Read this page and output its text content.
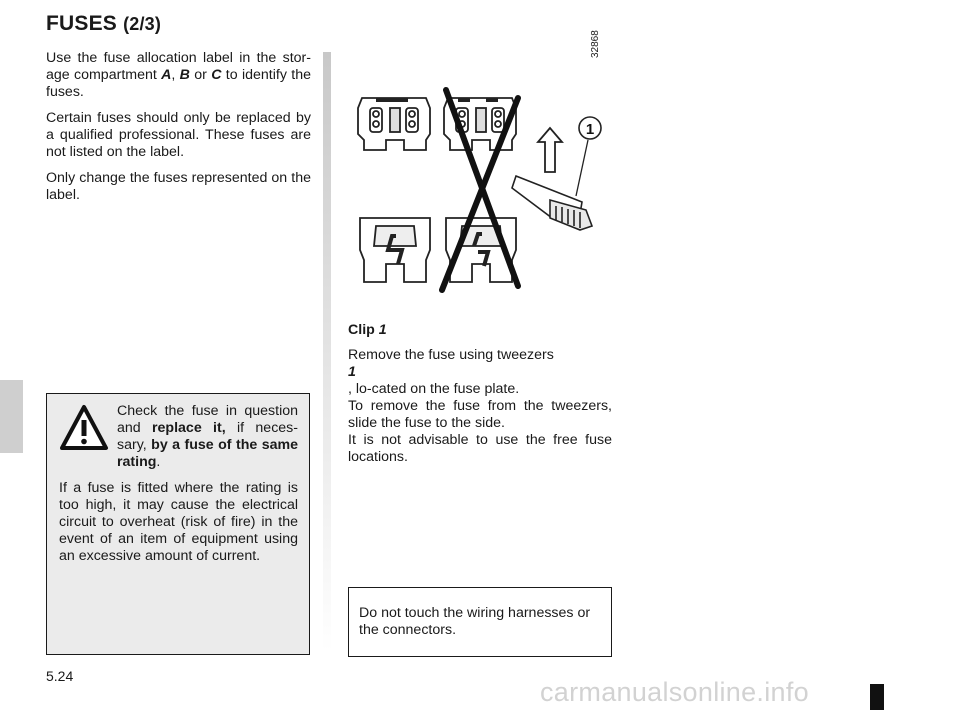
FUSES (2/3)

Use the fuse allocation label in the stor-age compartment A, B or C to identify the fuses.

Certain fuses should only be replaced by a qualified professional. These fuses are not listed on the label.

Only change the fuses represented on the label.

Check the fuse in question and replace it, if neces-sary, by a fuse of the same rating.

If a fuse is fitted where the rating is too high, it may cause the electrical circuit to overheat (risk of fire) in the event of an item of equipment using an excessive amount of current.

1
32868

Clip 1

Remove the fuse using tweezers
1
, lo-cated on the fuse plate.
To remove the fuse from the tweezers, slide the fuse to the side.
It is not advisable to use the free fuse locations.

Do not touch the wiring harnesses or the connectors.
5.24
carmanualsonline.info
